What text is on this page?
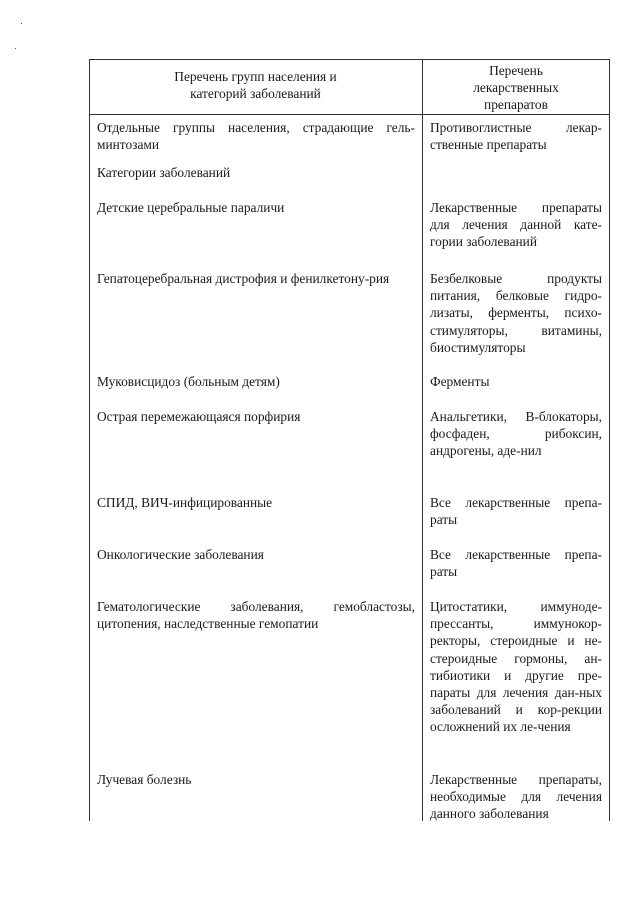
Перечень групп населения и
категорий заболеваний
Перечень
лекарственных
препаратов
Отдельные группы населения, страдающие гель-минтозами
Категории заболеваний
Детские церебральные параличи
Гепатоцеребральная дистрофия и фенилкетону-рия
Муковисцидоз (больным детям)
Острая перемежающаяся порфирия
СПИД, ВИЧ-инфицированные
Онкологические заболевания
Гематологические заболевания, гемобластозы, цитопения, наследственные гемопатии
Лучевая болезнь
Противоглистные лекар-ственные препараты
Лекарственные препараты для лечения данной кате-гории заболеваний
Безбелковые продукты питания, белковые гидро-лизаты, ферменты, психо-стимуляторы, витамины, биостимуляторы
Ферменты
Анальгетики, В-блокаторы, фосфаден, рибоксин, андрогены, аде-нил
Все лекарственные препа-раты
Все лекарственные препа-раты
Цитостатики, иммуноде-прессанты, иммунокор-ректоры, стероидные и не-стероидные гормоны, ан-тибиотики и другие пре-параты для лечения дан-ных заболеваний и кор-рекции осложнений их ле-чения
Лекарственные препараты, необходимые для лечения данного заболевания
